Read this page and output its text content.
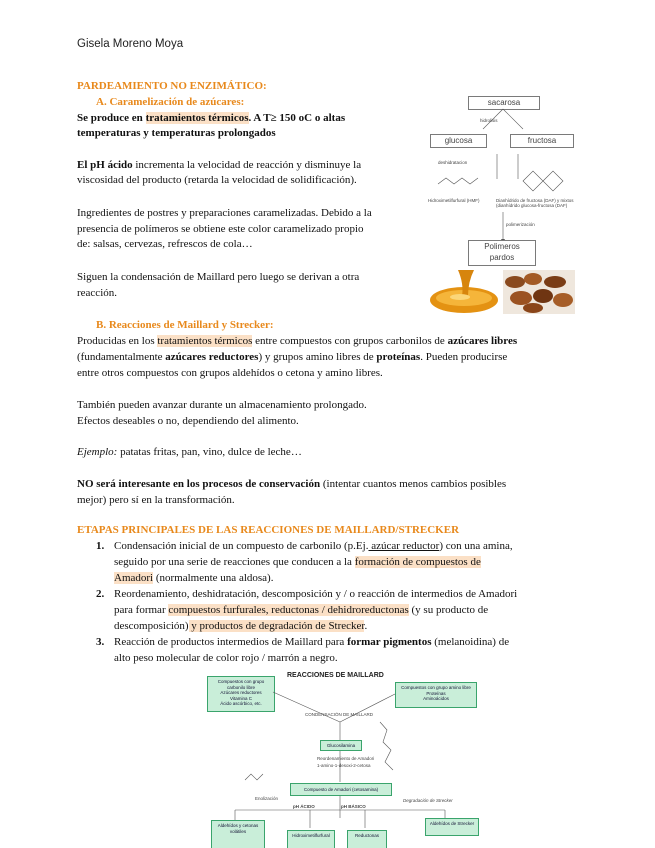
Gisela Moreno Moya
PARDEAMIENTO NO ENZIMÁTICO:
A. Caramelización de azúcares:
Se produce en tratamientos térmicos. A T≥ 150 oC o altas
temperaturas y temperaturas prolongados
El pH ácido incrementa la velocidad de reacción y disminuye la
viscosidad del producto (retarda la velocidad de solidificación).
Ingredientes de postres y preparaciones caramelizadas. Debido a la
presencia de polímeros se obtiene este color caramelizado propio
de: salsas, cervezas, refrescos de cola…
Siguen la condensación de Maillard pero luego se derivan a otra
reacción.
sacarosa
hidrolisis
glucosa	fructosa
deshidratacion
Hidroximetilfurfural (HMF)	Dianhídrido de fructosa (DAF) y mixtos (dianhídrido glucosa-fructosa (DAF)
polimerización
Polimeros
pardos
B. Reacciones de Maillard y Strecker:
Producidas en los tratamientos térmicos entre compuestos con grupos carbonilos de azúcares libres
(fundamentalmente azúcares reductores) y grupos amino libres de proteínas. Pueden producirse
entre otros compuestos con grupos aldehídos o cetona y amino libres.
También pueden avanzar durante un almacenamiento prolongado.
Efectos deseables o no, dependiendo del alimento.
Ejemplo: patatas fritas, pan, vino, dulce de leche…
NO será interesante en los procesos de conservación (intentar cuantos menos cambios posibles
mejor) pero sí en la transformación.
ETAPAS PRINCIPALES DE LAS REACCIONES DE MAILLARD/STRECKER
1. Condensación inicial de un compuesto de carbonilo (p.Ej. azúcar reductor) con una amina,
seguido por una serie de reacciones que conducen a la formación de compuestos de
Amadori (normalmente una aldosa).
2. Reordenamiento, deshidratación, descomposición y / o reacción de intermedios de Amadori
para formar compuestos furfurales, reductonas / dehidroreductonas (y su producto de
descomposición) y productos de degradación de Strecker.
3. Reacción de productos intermedios de Maillard para formar pigmentos (melanoidina) de
alto peso molecular de color rojo / marrón a negro.
REACCIONES DE MAILLARD
Compuestos con grupo carbonilo libre
Azúcares reductores
Vitamina C
Ácido ascórbico, etc.
Compuestos con grupo amino libre
Proteínas
Aminoácidos
CONDENSACIÓN DE MAILLARD
Glucosilamina
Reordenamiento de Amadori
1-amino-1-desoxi-2-cetosa
Compuesto de Amadori (cetosamina)
Enolización
pH ÁCIDO	pH BÁSICO
Degradación de Strecker
Aldehídos y cetonas volátiles
Hidroximetilfurfural	Reductonas
Aldehídos de Strecker
